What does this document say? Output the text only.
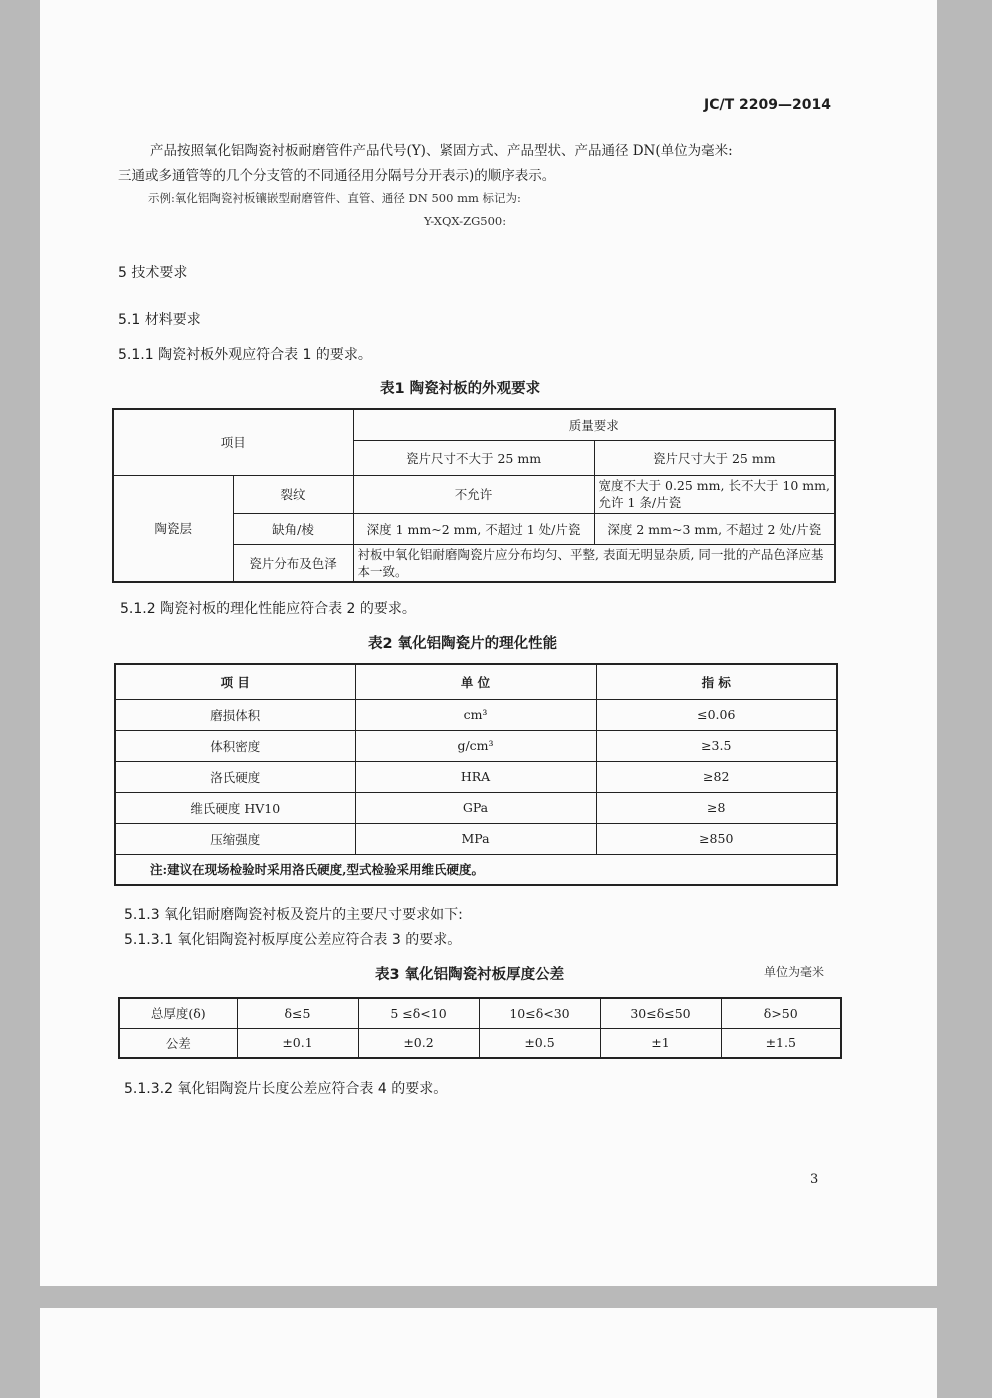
JC/T 2209—2014
产品按照氧化铝陶瓷衬板耐磨管件产品代号(Y)、紧固方式、产品型状、产品通径 DN(单位为毫米:
三通或多通管等的几个分支管的不同通径用分隔号分开表示)的顺序表示。
示例:氧化铝陶瓷衬板镶嵌型耐磨管件、直管、通径 DN 500 mm 标记为:
Y-XQX-ZG500:
5 技术要求
5.1 材料要求
5.1.1 陶瓷衬板外观应符合表 1 的要求。
表1 陶瓷衬板的外观要求
项目		质量要求	
		瓷片尺寸不大于 25 mm	瓷片尺寸大于 25 mm
陶瓷层	裂纹	不允许	宽度不大于 0.25 mm, 长不大于 10 mm,允许 1 条/片瓷
	缺角/棱	深度 1 mm~2 mm, 不超过 1 处/片瓷	深度 2 mm~3 mm, 不超过 2 处/片瓷
	瓷片分布及色泽	衬板中氧化铝耐磨陶瓷片应分布均匀、平整, 表面无明显杂质, 同一批的产品色泽应基本一致。	
5.1.2 陶瓷衬板的理化性能应符合表 2 的要求。
表2 氧化铝陶瓷片的理化性能
项 目	单 位	指 标
磨损体积	cm³	≤0.06
体积密度	g/cm³	≥3.5
洛氏硬度	HRA	≥82
维氏硬度 HV10	GPa	≥8
压缩强度	MPa	≥850
注:建议在现场检验时采用洛氏硬度,型式检验采用维氏硬度。		
5.1.3 氧化铝耐磨陶瓷衬板及瓷片的主要尺寸要求如下:
5.1.3.1 氧化铝陶瓷衬板厚度公差应符合表 3 的要求。
表3 氧化铝陶瓷衬板厚度公差	单位为毫米
总厚度(δ)	δ≤5	5 ≤δ<10	10≤δ<30	30≤δ≤50	δ>50
公差	±0.1	±0.2	±0.5	±1	±1.5
5.1.3.2 氧化铝陶瓷片长度公差应符合表 4 的要求。
3
